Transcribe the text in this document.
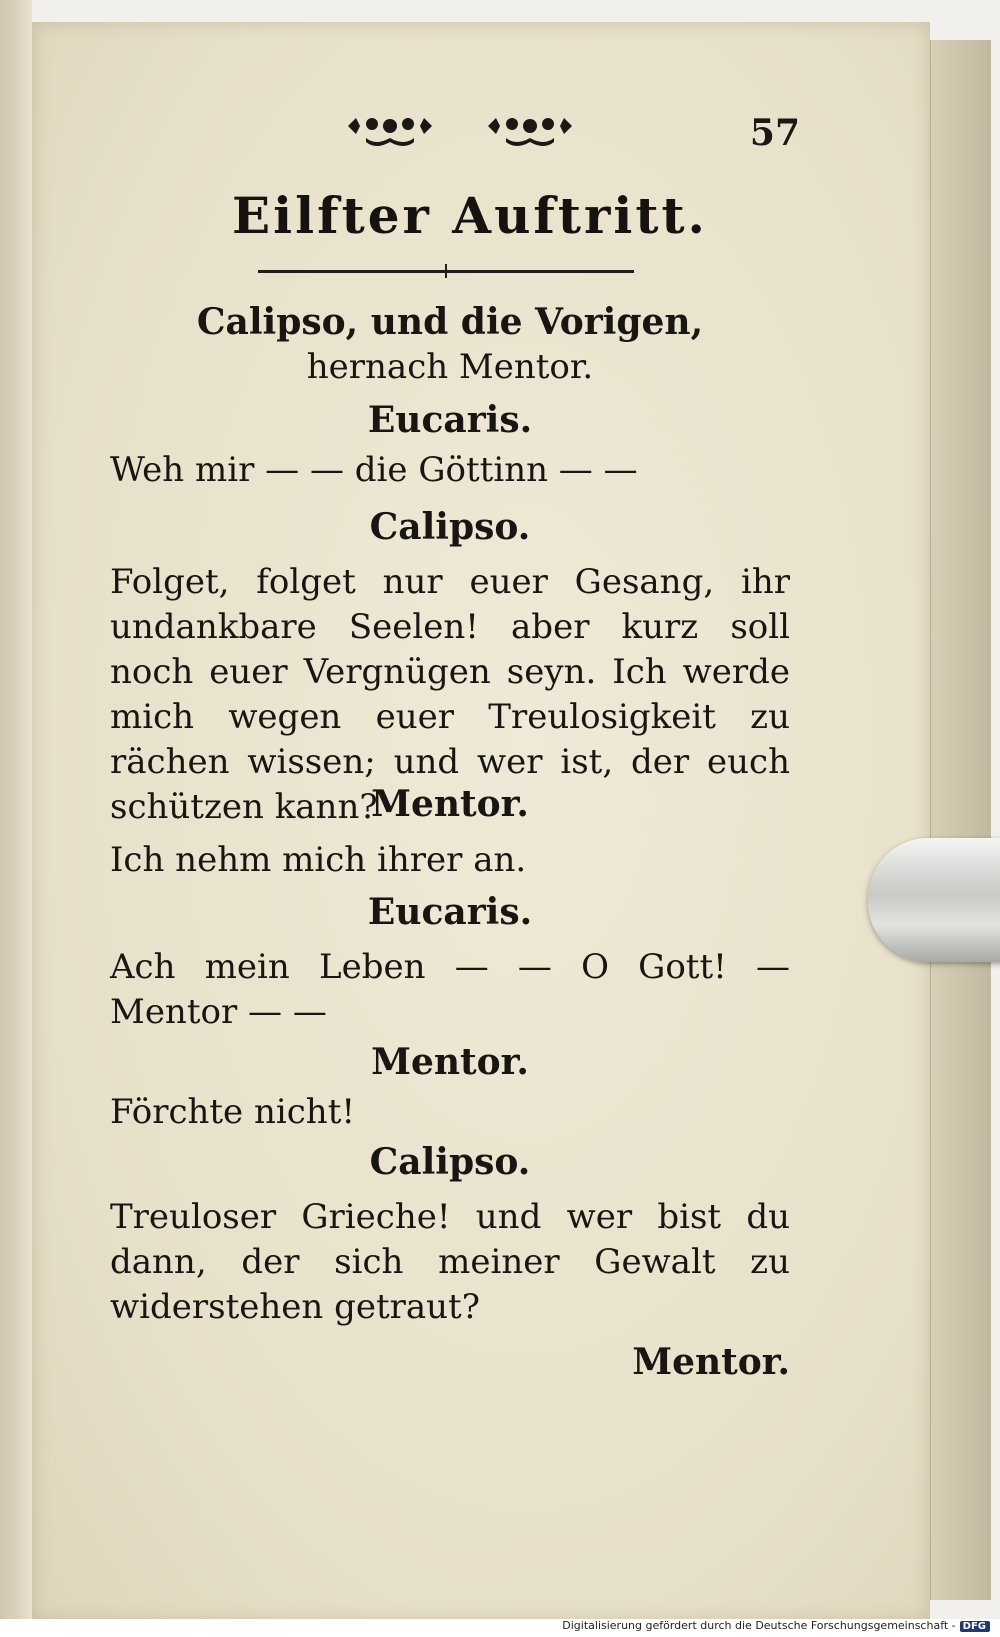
57
Eilfter Auftritt.
Calipso, und die Vorigen,
hernach Mentor.
Eucaris.
Weh mir — — die Göttinn — —
Calipso.
Folget, folget nur euer Gesang, ihr undankbare Seelen! aber kurz soll noch euer Vergnügen seyn. Ich werde mich wegen euer Treulosigkeit zu rächen wissen; und wer ist, der euch schützen kann?
Mentor.
Ich nehm mich ihrer an.
Eucaris.
Ach mein Leben — — O Gott! — Mentor — —
Mentor.
Förchte nicht!
Calipso.
Treuloser Grieche! und wer bist du dann, der sich meiner Gewalt zu widerstehen getraut?
Mentor.
Digitalisierung gefördert durch die Deutsche Forschungsgemeinschaft - DFG
